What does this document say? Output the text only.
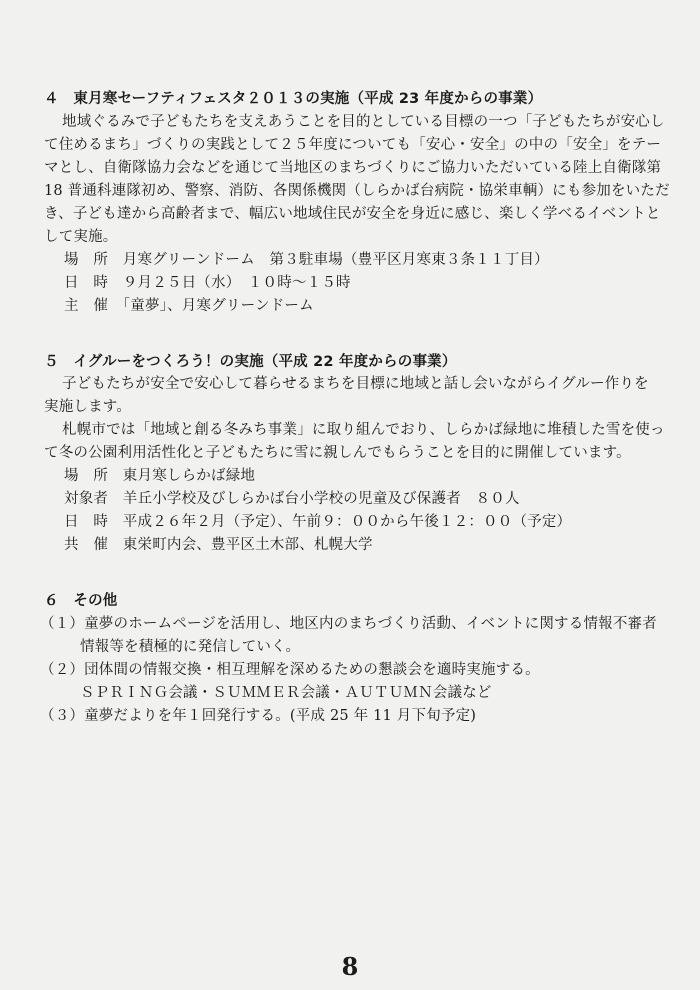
４　東月寒セーフティフェスタ２０１３の実施（平成 23 年度からの事業）
地域ぐるみで子どもたちを支えあうことを目的としている目標の一つ「子どもたちが安心し
て住めるまち」づくりの実践として２５年度についても「安心・安全」の中の「安全」をテー
マとし、自衛隊協力会などを通じて当地区のまちづくりにご協力いただいている陸上自衛隊第
18 普通科連隊初め、警察、消防、各関係機関（しらかば台病院・協栄車輌）にも参加をいただ
き、子ども達から高齢者まで、幅広い地域住民が安全を身近に感じ、楽しく学べるイベントと
して実施。
場　所　月寒グリーンドーム　第３駐車場（豊平区月寒東３条１１丁目）
日　時　９月２５日（水）　１０時～１５時
主　催　「童夢」、月寒グリーンドーム
５　イグルーをつくろう！の実施（平成 22 年度からの事業）
子どもたちが安全で安心して暮らせるまちを目標に地域と話し会いながらイグルー作りを
実施します。
札幌市では「地域と創る冬みち事業」に取り組んでおり、しらかば緑地に堆積した雪を使っ
て冬の公園利用活性化と子どもたちに雪に親しんでもらうことを目的に開催しています。
場　所　東月寒しらかば緑地
対象者　羊丘小学校及びしらかば台小学校の児童及び保護者　８０人
日　時　平成２６年２月（予定）、午前９：００から午後１２：００（予定）
共　催　東栄町内会、豊平区土木部、札幌大学
６　その他
（１）童夢のホームページを活用し、地区内のまちづくり活動、イベントに関する情報不審者
情報等を積極的に発信していく。
（２）団体間の情報交換・相互理解を深めるための懇談会を適時実施する。
ＳＰＲＩＮＧ会議・ＳＵＭＭＥＲ会議・ＡＵＴＵＭＮ会議など
（３）童夢だよりを年１回発行する。(平成 25 年 11 月下旬予定)
8
